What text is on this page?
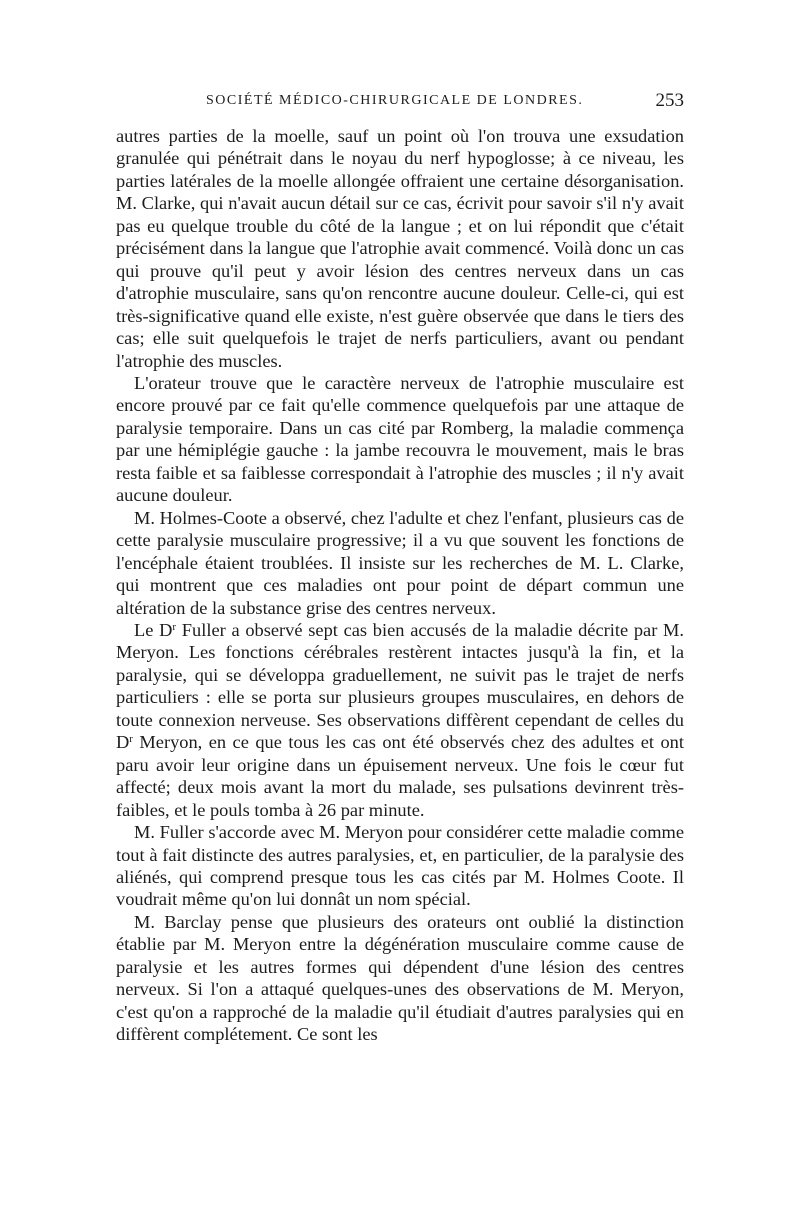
SOCIÉTÉ MÉDICO-CHIRURGICALE DE LONDRES.	253

autres parties de la moelle, sauf un point où l'on trouva une exsudation granulée qui pénétrait dans le noyau du nerf hypoglosse; à ce niveau, les parties latérales de la moelle allongée offraient une certaine désorganisation. M. Clarke, qui n'avait aucun détail sur ce cas, écrivit pour savoir s'il n'y avait pas eu quelque trouble du côté de la langue ; et on lui répondit que c'était précisément dans la langue que l'atrophie avait commencé. Voilà donc un cas qui prouve qu'il peut y avoir lésion des centres nerveux dans un cas d'atrophie musculaire, sans qu'on rencontre aucune douleur. Celle-ci, qui est très-significative quand elle existe, n'est guère observée que dans le tiers des cas; elle suit quelquefois le trajet de nerfs particuliers, avant ou pendant l'atrophie des muscles.

L'orateur trouve que le caractère nerveux de l'atrophie musculaire est encore prouvé par ce fait qu'elle commence quelquefois par une attaque de paralysie temporaire. Dans un cas cité par Romberg, la maladie commença par une hémiplégie gauche : la jambe recouvra le mouvement, mais le bras resta faible et sa faiblesse correspondait à l'atrophie des muscles ; il n'y avait aucune douleur.

M. Holmes-Coote a observé, chez l'adulte et chez l'enfant, plusieurs cas de cette paralysie musculaire progressive; il a vu que souvent les fonctions de l'encéphale étaient troublées. Il insiste sur les recherches de M. L. Clarke, qui montrent que ces maladies ont pour point de départ commun une altération de la substance grise des centres nerveux.

Le $D^r$ Fuller a observé sept cas bien accusés de la maladie décrite par M. Meryon. Les fonctions cérébrales restèrent intactes jusqu'à la fin, et la paralysie, qui se développa graduellement, ne suivit pas le trajet de nerfs particuliers : elle se porta sur plusieurs groupes musculaires, en dehors de toute connexion nerveuse. Ses observations diffèrent cependant de celles du $D^r$ Meryon, en ce que tous les cas ont été observés chez des adultes et ont paru avoir leur origine dans un épuisement nerveux. Une fois le cœur fut affecté; deux mois avant la mort du malade, ses pulsations devinrent très-faibles, et le pouls tomba à 26 par minute.

M. Fuller s'accorde avec M. Meryon pour considérer cette maladie comme tout à fait distincte des autres paralysies, et, en particulier, de la paralysie des aliénés, qui comprend presque tous les cas cités par M. Holmes Coote. Il voudrait même qu'on lui donnât un nom spécial.

M. Barclay pense que plusieurs des orateurs ont oublié la distinction établie par M. Meryon entre la dégénération musculaire comme cause de paralysie et les autres formes qui dépendent d'une lésion des centres nerveux. Si l'on a attaqué quelques-unes des observations de M. Meryon, c'est qu'on a rapproché de la maladie qu'il étudiait d'autres paralysies qui en diffèrent complétement. Ce sont les
